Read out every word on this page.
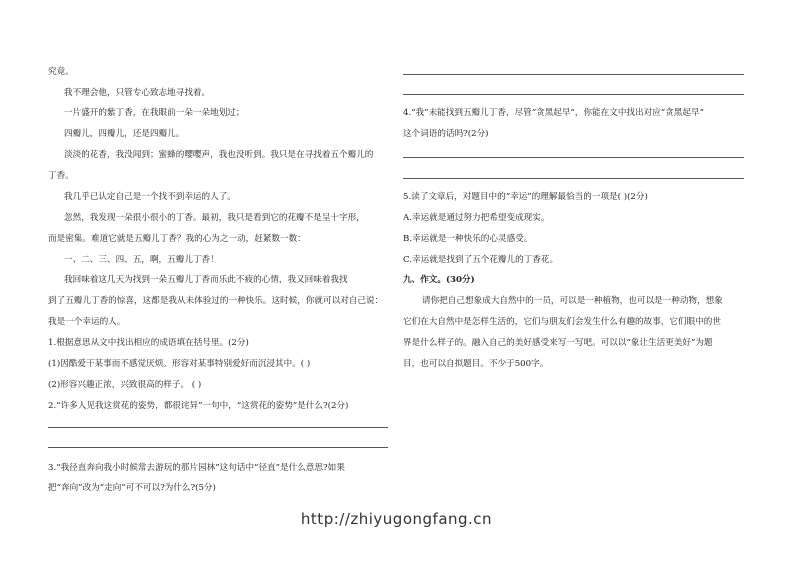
究竟。
我不理会他，只管专心致志地寻找着。
一片盛开的紫丁香，在我眼前一朵一朵地划过；
四瓣儿，四瓣儿，还是四瓣儿。
淡淡的花香，我没闻到；蜜蜂的嘤嘤声，我也没听到。我只是在寻找着五个瓣儿的
丁香。
我几乎已认定自己是一个找不到幸运的人了。
忽然，我发现一朵很小很小的丁香。最初，我只是看到它的花瓣不是呈十字形，
而是密集。难道它就是五瓣儿丁香？我的心为之一动，赶紧数一数：
一、二、三、四、五，啊，五瓣儿丁香！
我回味着这几天为找到一朵五瓣儿丁香而乐此不疲的心情，我又回味着我找
到了五瓣儿丁香的惊喜，这都是我从未体验过的一种快乐。这时候，你就可以对自己说：
我是一个幸运的人。
1.根据意思从文中找出相应的成语填在括号里。(2分)
(1)因酷爱干某事而不感觉厌烦。形容对某事特别爱好而沉浸其中。( )
(2)形容兴趣正浓，兴致很高的样子。 ( )
2.“许多人见我这赏花的姿势，都很诧异”一句中，“这赏花的姿势”是什么?(2分)
3.“我径直奔向我小时候常去游玩的那片园林”这句话中“径直”是什么意思?如果
把“奔向”改为“走向”可不可以?为什么?(5分)
4.“我”未能找到五瓣儿丁香，尽管“贪黑起早”，你能在文中找出对应“贪黑起早”
这个词语的话吗?(2分)
5.读了文章后，对题目中的“幸运”的理解最恰当的一项是( )(2分)
A.幸运就是通过努力把希望变成现实。
B.幸运就是一种快乐的心灵感受。
C.幸运就是找到了五个花瓣儿的丁香花。
九、作文。(30分)
请你把自己想象成大自然中的一员，可以是一种植物，也可以是一种动物，想象
它们在大自然中是怎样生活的，它们与朋友们会发生什么有趣的故事，它们眼中的世
界是什么样子的。融入自己的美好感受来写一写吧。可以以“象让生活更美好”为题
目，也可以自拟题目。不少于500字。
http://zhiyugongfang.cn
